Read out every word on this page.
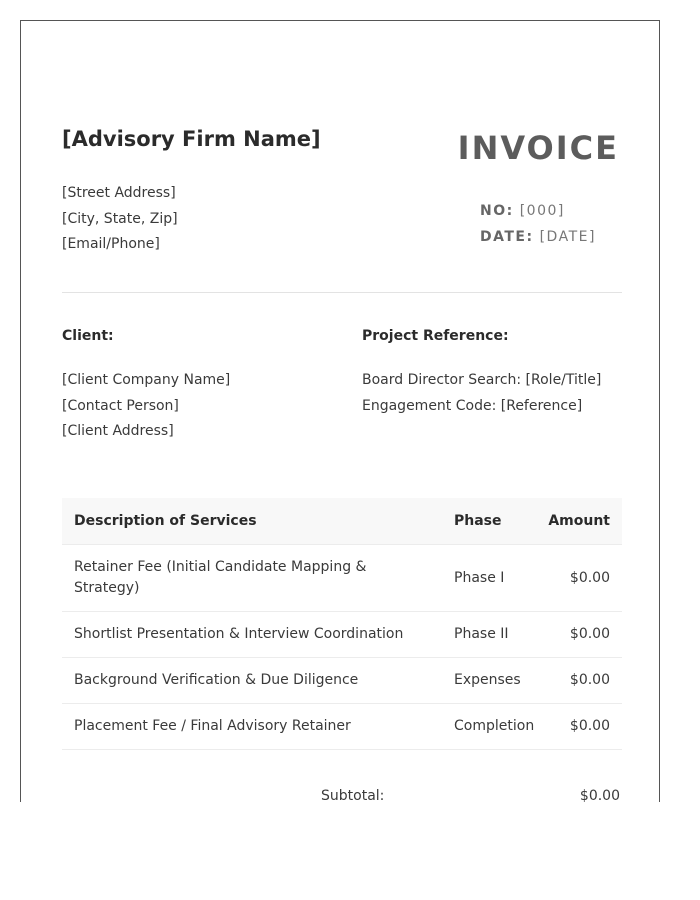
[Advisory Firm Name]
[Street Address]
[City, State, Zip]
[Email/Phone]
INVOICE
NO: [000]
DATE: [DATE]
Client:
[Client Company Name]
[Contact Person]
[Client Address]
Project Reference:
Board Director Search: [Role/Title]
Engagement Code: [Reference]
Description of Services	Phase	Amount
Retainer Fee (Initial Candidate Mapping & Strategy)	Phase I	$0.00
Shortlist Presentation & Interview Coordination	Phase II	$0.00
Background Verification & Due Diligence	Expenses	$0.00
Placement Fee / Final Advisory Retainer	Completion	$0.00
Subtotal:	$0.00
